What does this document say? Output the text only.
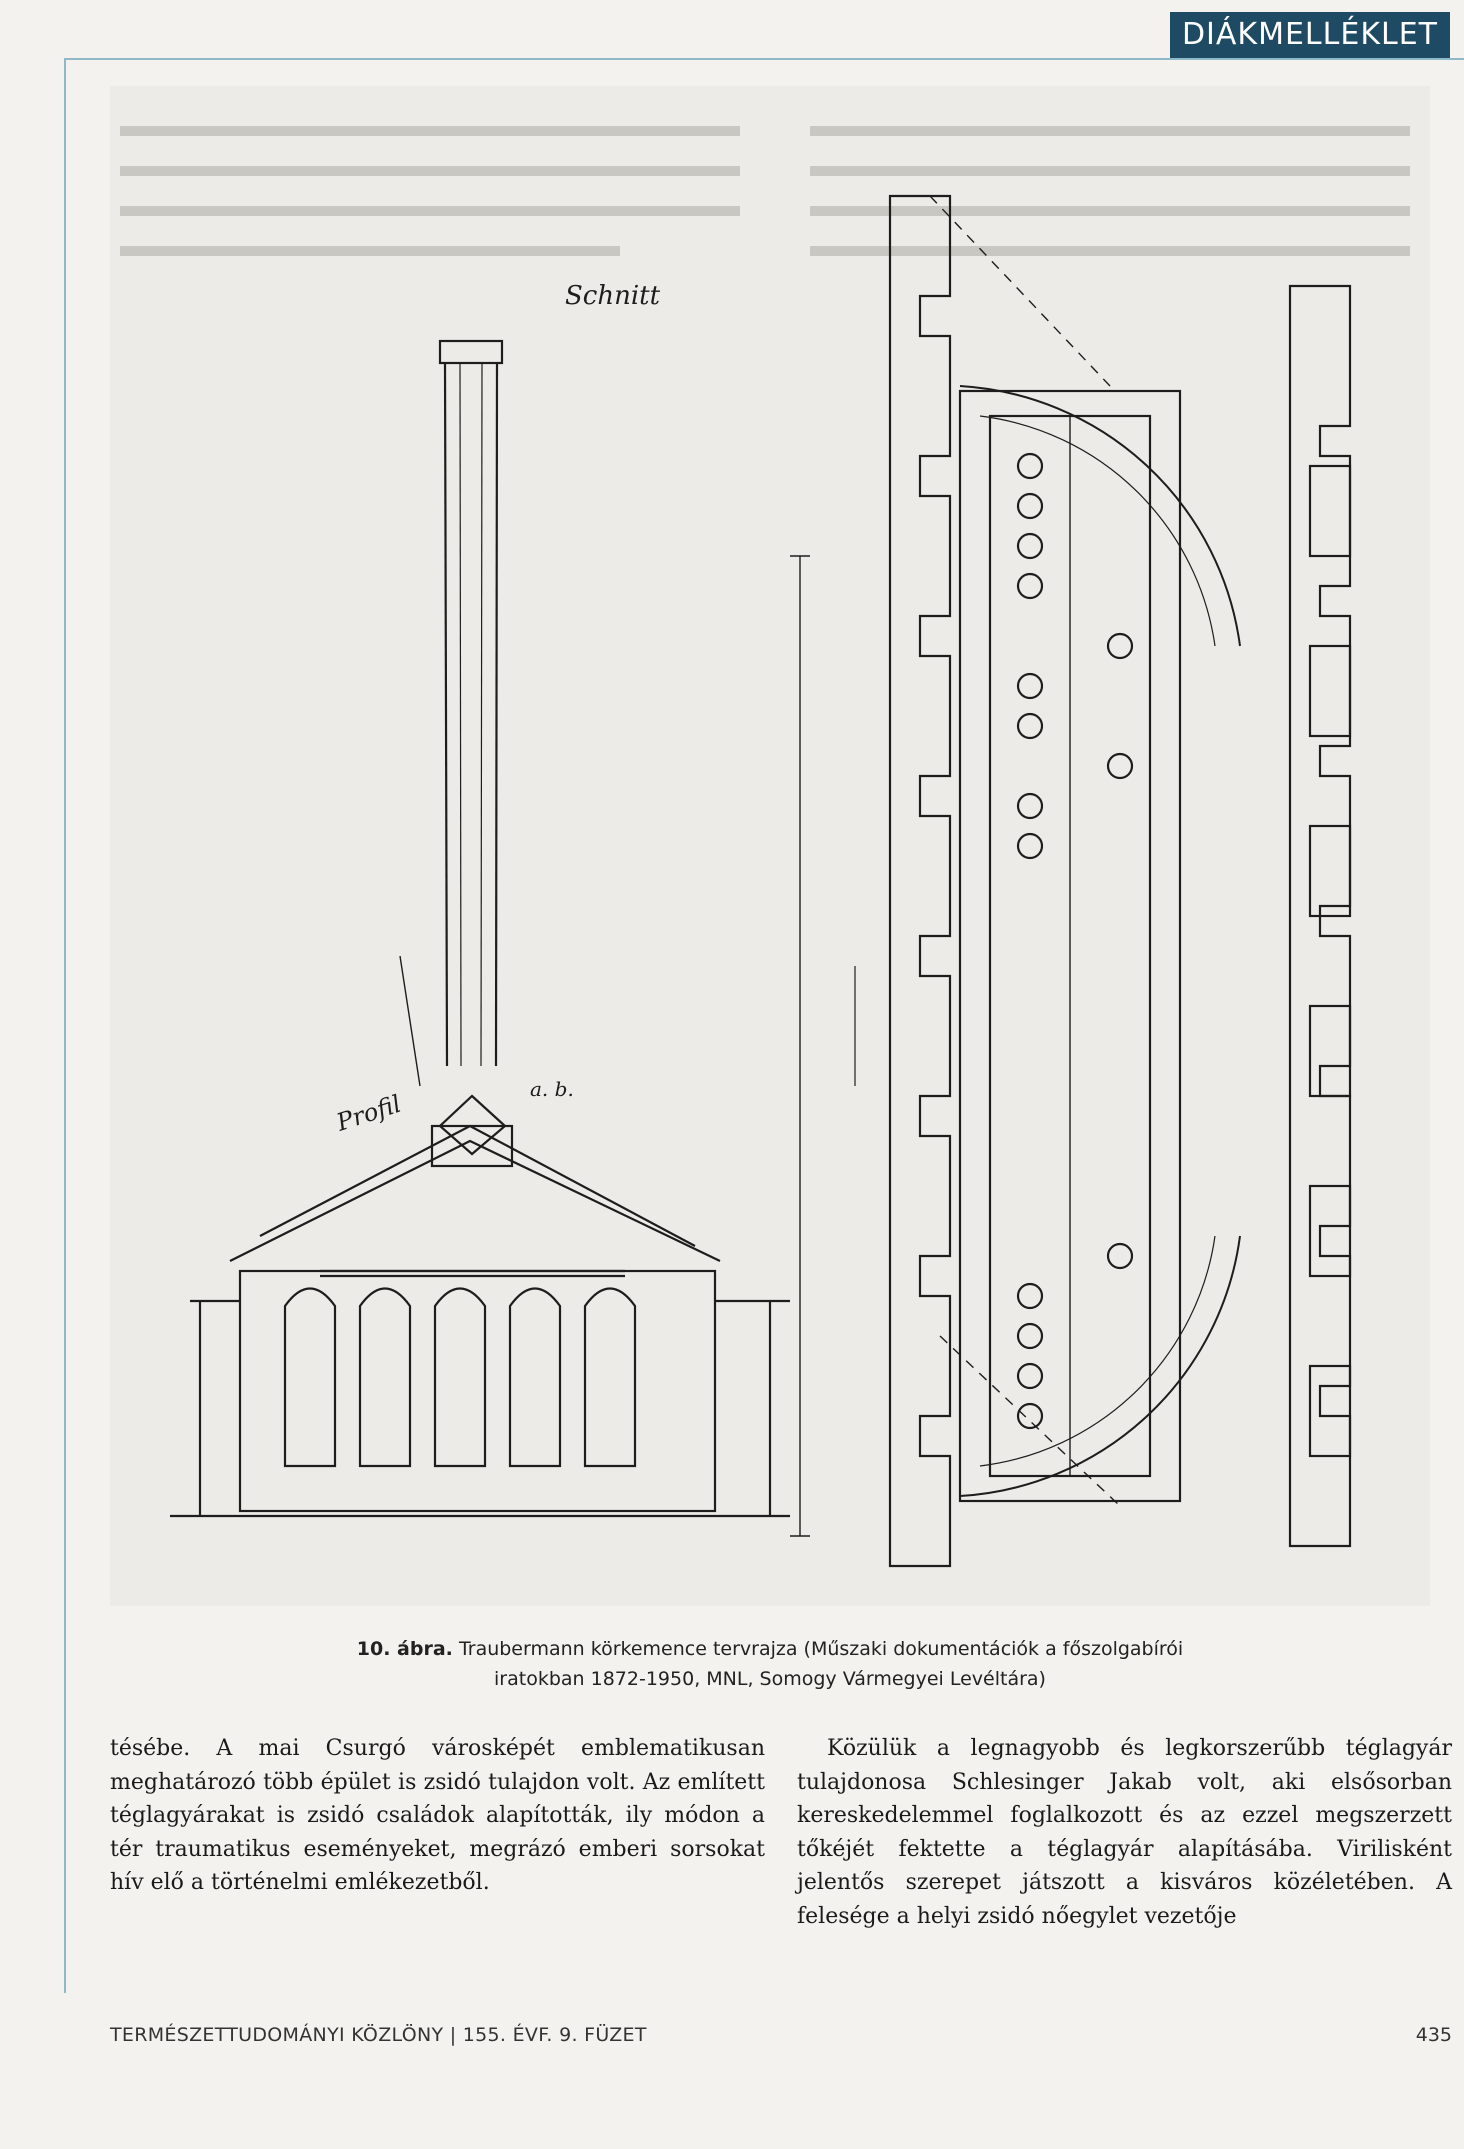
DIÁKMELLÉKLET
Schnitt
Profil
a. b.
10. ábra. Traubermann körkemence tervrajza (Műszaki dokumentációk a főszolgabírói
iratokban 1872-1950, MNL, Somogy Vármegyei Levéltára)

tésébe. A mai Csurgó városképét emblematikusan meghatározó több épület is zsidó tulajdon volt. Az említett téglagyárakat is zsidó családok alapították, ily módon a tér traumatikus eseményeket, megrázó emberi sorsokat hív elő a történelmi emlékezetből.

Közülük a legnagyobb és legkorszerűbb téglagyár tulajdonosa Schlesinger Jakab volt, aki elsősorban kereskedelemmel foglalkozott és az ezzel megszerzett tőkéjét fektette a téglagyár alapításába. Virilisként jelentős szerepet játszott a kisváros közéletében. A felesége a helyi zsidó nőegylet vezetője

TERMÉSZETTUDOMÁNYI KÖZLÖNY | 155. ÉVF. 9. FÜZET	435
